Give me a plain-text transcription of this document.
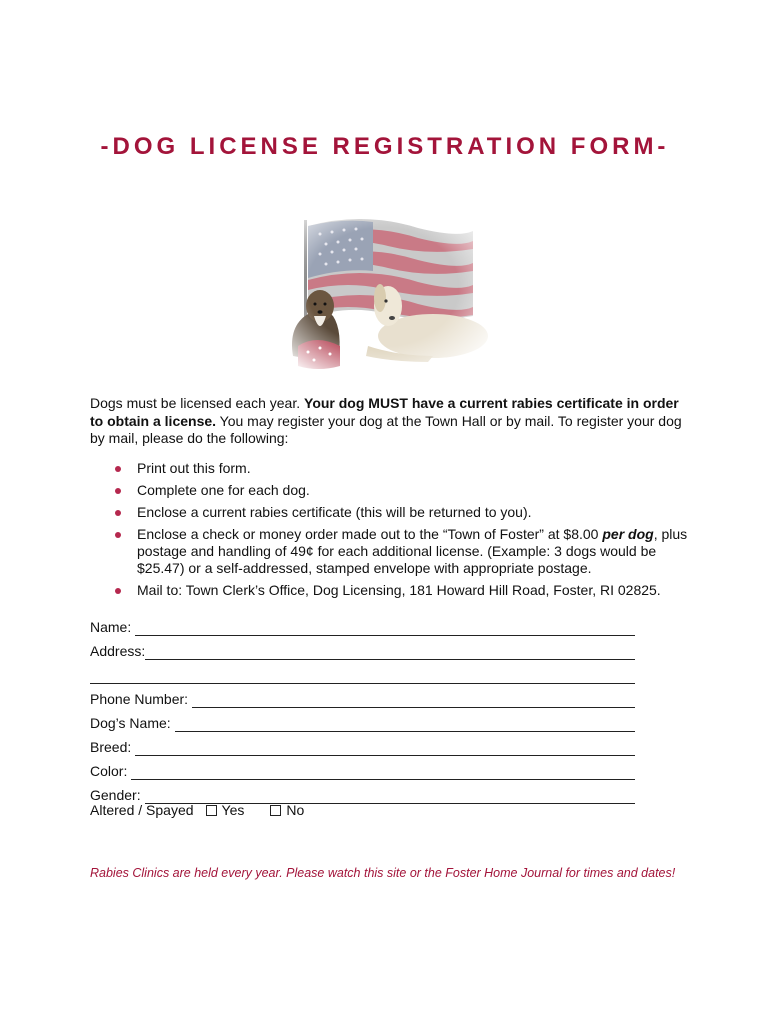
-DOG LICENSE REGISTRATION FORM-

Dogs must be licensed each year. Your dog MUST have a current rabies certificate in order to obtain a license. You may register your dog at the Town Hall or by mail. To register your dog by mail, please do the following:

Print out this form.
Complete one for each dog.
Enclose a current rabies certificate (this will be returned to you).
Enclose a check or money order made out to the “Town of Foster” at $8.00 per dog, plus postage and handling of 49¢ for each additional license. (Example: 3 dogs would be $25.47) or a self-addressed, stamped envelope with appropriate postage.
Mail to: Town Clerk’s Office, Dog Licensing, 181 Howard Hill Road, Foster, RI 02825.
Name:
Address:
Phone Number:
Dog’s Name:
Breed:
Color:
Gender:
Altered / Spayed Yes	No

Rabies Clinics are held every year. Please watch this site or the Foster Home Journal for times and dates!
